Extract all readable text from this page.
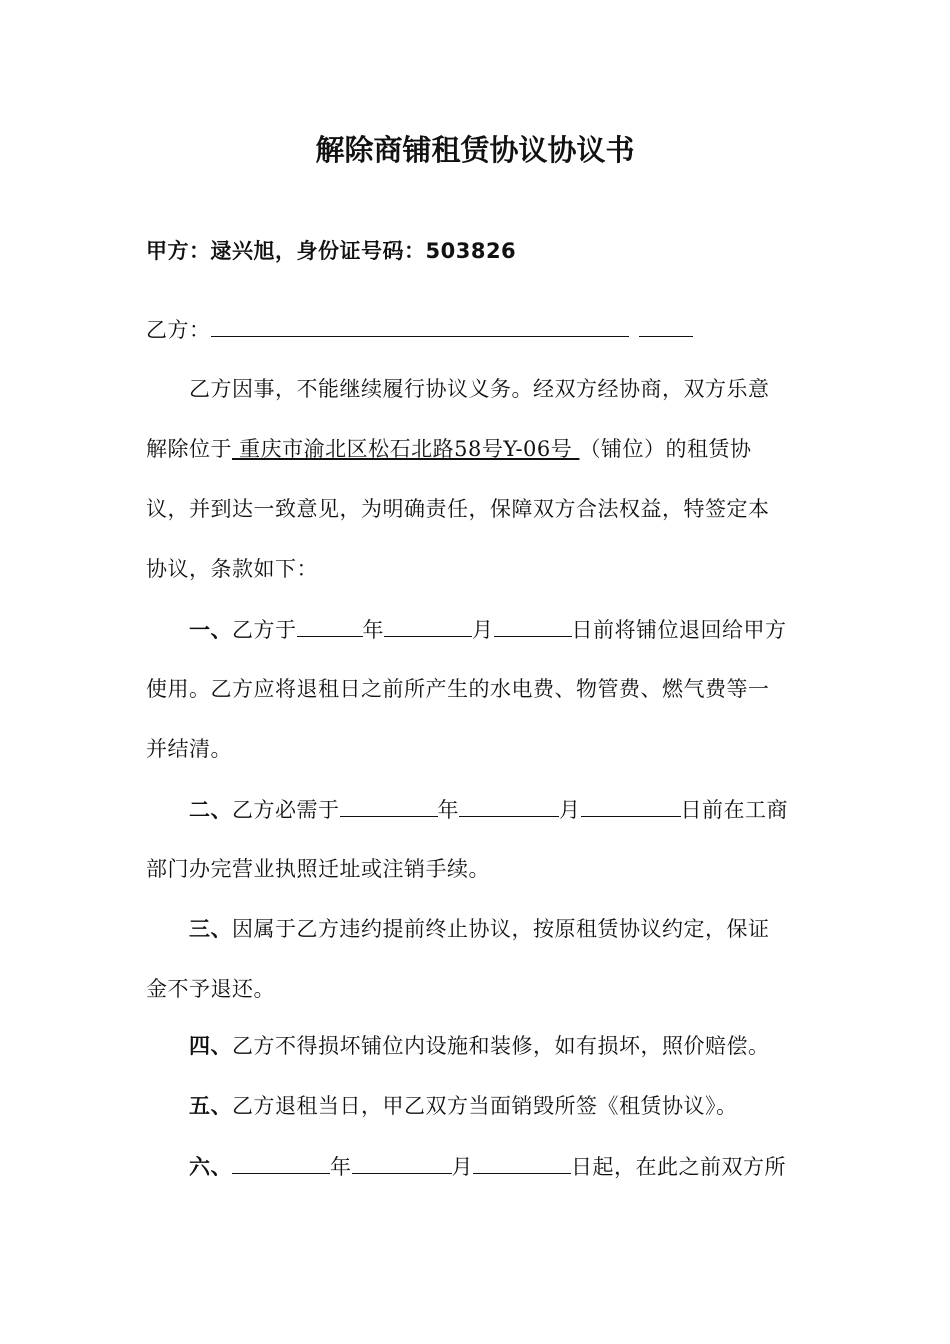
解除商铺租赁协议协议书
甲方：逯兴旭，身份证号码：503826
乙方：
乙方因事，不能继续履行协议义务。经双方经协商，双方乐意
解除位于 重庆市渝北区松石北路58号Y-06号 （铺位）的租赁协
议，并到达一致意见，为明确责任，保障双方合法权益，特签定本
协议，条款如下：
一、乙方于	年	月	日前将铺位退回给甲方
使用。乙方应将退租日之前所产生的水电费、物管费、燃气费等一
并结清。
二、乙方必需于	年	月	日前在工商
部门办完营业执照迁址或注销手续。
三、因属于乙方违约提前终止协议，按原租赁协议约定，保证
金不予退还。
四、乙方不得损坏铺位内设施和装修，如有损坏，照价赔偿。
五、乙方退租当日，甲乙双方当面销毁所签《租赁协议》。
六、	年	月	日起，在此之前双方所
